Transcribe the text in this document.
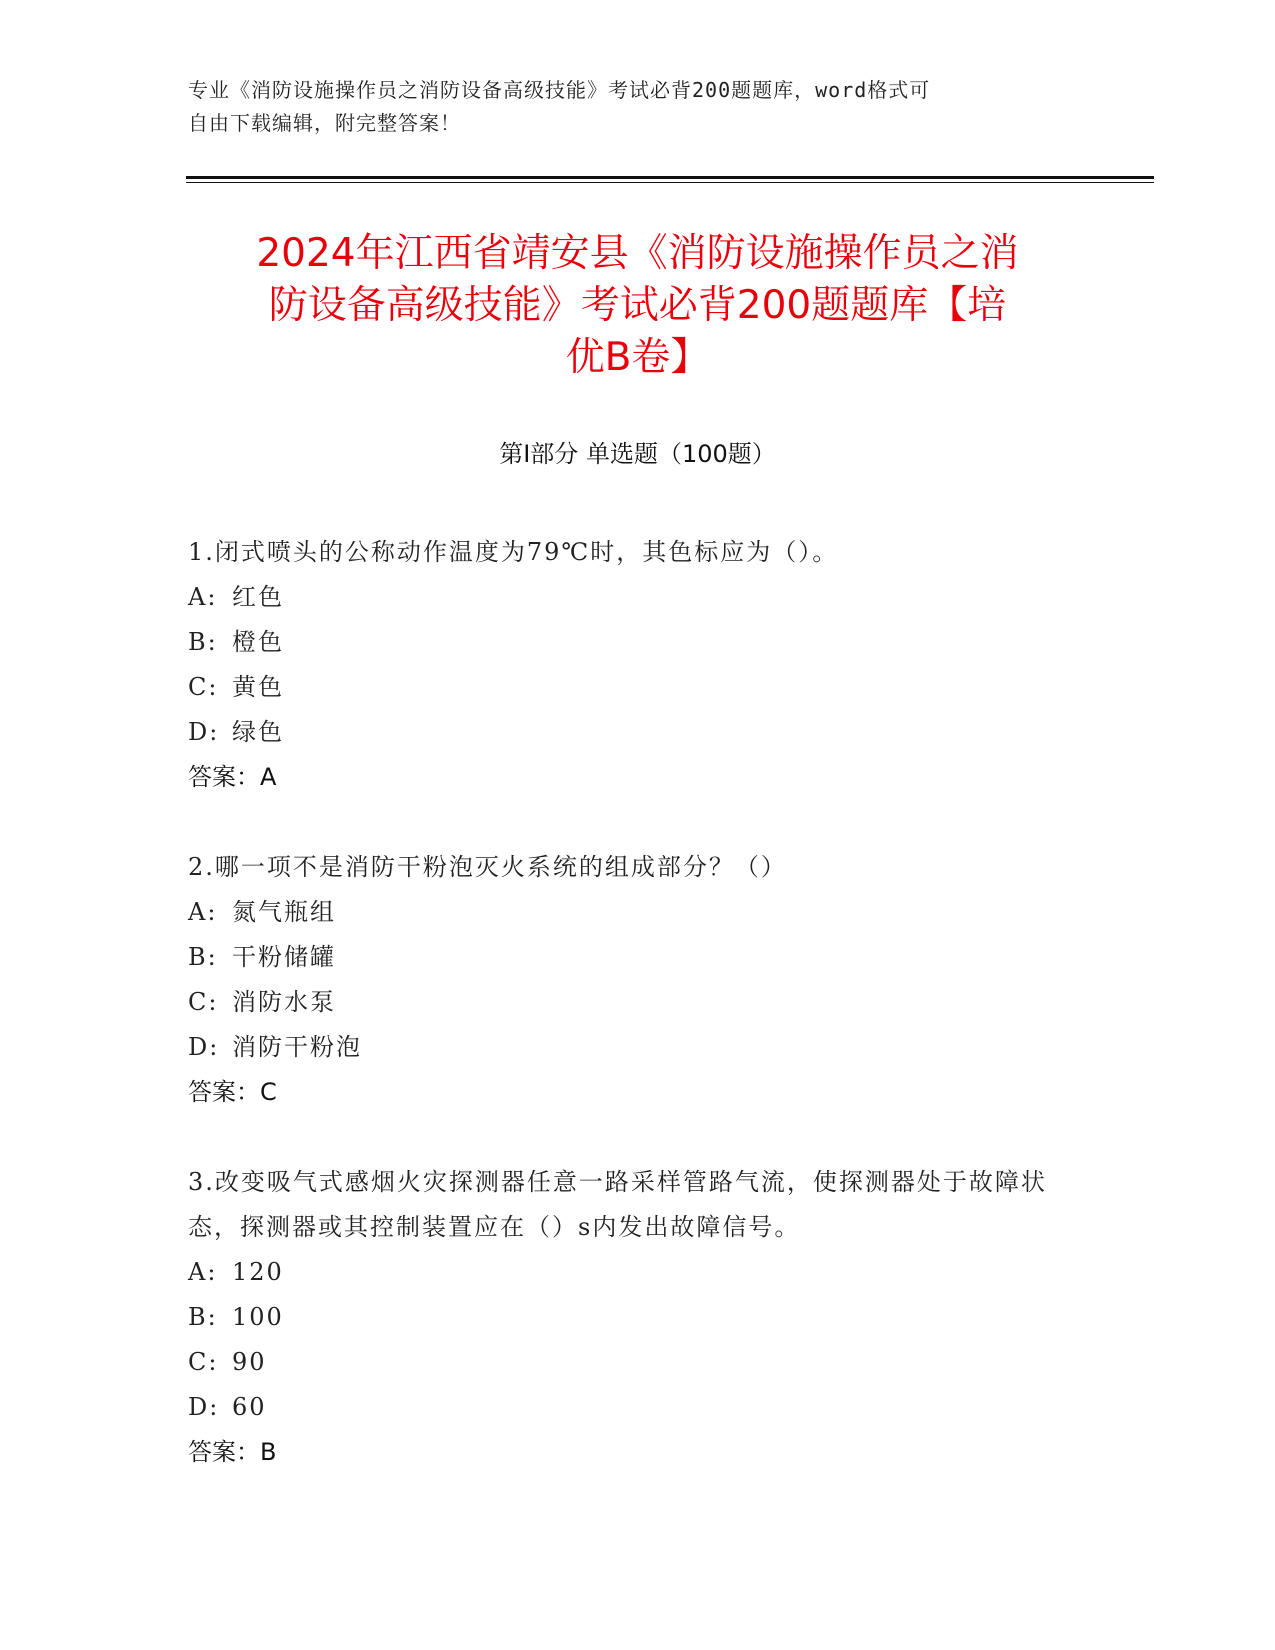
专业《消防设施操作员之消防设备高级技能》考试必背200题题库，word格式可
自由下载编辑，附完整答案！
2024年江西省靖安县《消防设施操作员之消
防设备高级技能》考试必背200题题库【培
优B卷】
第Ⅰ部分 单选题（100题）

1.闭式喷头的公称动作温度为79℃时，其色标应为（）。

A: 红色

B: 橙色

C: 黄色

D: 绿色

答案：A

2.哪一项不是消防干粉泡灭火系统的组成部分？（）

A: 氮气瓶组

B: 干粉储罐

C: 消防水泵

D: 消防干粉泡

答案：C

3.改变吸气式感烟火灾探测器任意一路采样管路气流，使探测器处于故障状态，探测器或其控制装置应在（）s内发出故障信号。

A: 120

B: 100

C: 90

D: 60

答案：B
